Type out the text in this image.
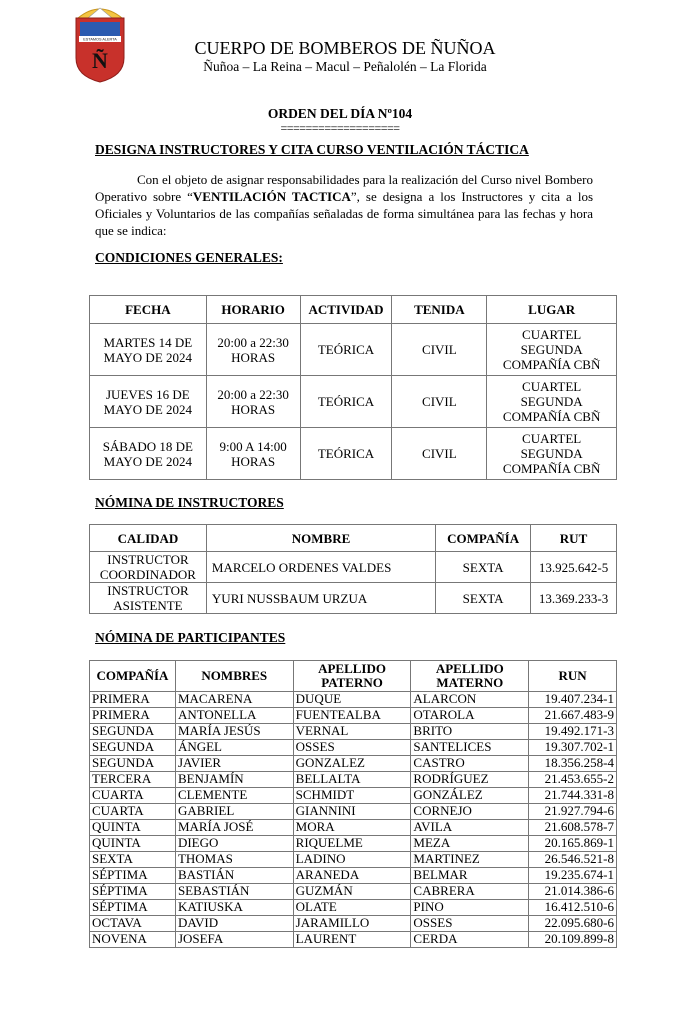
ESTAMOS ALERTA
Ñ	CUERPO DE BOMBEROS DE ÑUÑOA
Ñuñoa – La Reina – Macul – Peñalolén – La Florida
ORDEN DEL DÍA Nº104
===================
DESIGNA INSTRUCTORES Y CITA CURSO VENTILACIÓN TÁCTICA
Con el objeto de asignar responsabilidades para la realización del Curso nivel Bombero Operativo sobre “VENTILACIÓN TACTICA”, se designa a los Instructores y cita a los Oficiales y Voluntarios de las compañías señaladas de forma simultánea para las fechas y hora que se indica:
CONDICIONES GENERALES:
FECHA	HORARIO	ACTIVIDAD	TENIDA	LUGAR
MARTES 14 DE MAYO DE 2024	20:00 a 22:30 HORAS	TEÓRICA	CIVIL	CUARTEL SEGUNDA COMPAÑÍA CBÑ
JUEVES 16 DE MAYO DE 2024	20:00 a 22:30 HORAS	TEÓRICA	CIVIL	CUARTEL SEGUNDA COMPAÑÍA CBÑ
SÁBADO 18 DE MAYO DE 2024	9:00 A 14:00 HORAS	TEÓRICA	CIVIL	CUARTEL SEGUNDA COMPAÑÍA CBÑ
NÓMINA DE INSTRUCTORES
CALIDAD	NOMBRE	COMPAÑÍA	RUT
INSTRUCTOR COORDINADOR	MARCELO ORDENES VALDES	SEXTA	13.925.642-5
INSTRUCTOR ASISTENTE	YURI NUSSBAUM URZUA	SEXTA	13.369.233-3
NÓMINA DE PARTICIPANTES
COMPAÑÍA	NOMBRES	APELLIDO PATERNO	APELLIDO MATERNO	RUN
PRIMERA	MACARENA	DUQUE	ALARCON	19.407.234-1
PRIMERA	ANTONELLA	FUENTEALBA	OTAROLA	21.667.483-9
SEGUNDA	MARÍA JESÚS	VERNAL	BRITO	19.492.171-3
SEGUNDA	ÁNGEL	OSSES	SANTELICES	19.307.702-1
SEGUNDA	JAVIER	GONZALEZ	CASTRO	18.356.258-4
TERCERA	BENJAMÍN	BELLALTA	RODRÍGUEZ	21.453.655-2
CUARTA	CLEMENTE	SCHMIDT	GONZÁLEZ	21.744.331-8
CUARTA	GABRIEL	GIANNINI	CORNEJO	21.927.794-6
QUINTA	MARÍA JOSÉ	MORA	AVILA	21.608.578-7
QUINTA	DIEGO	RIQUELME	MEZA	20.165.869-1
SEXTA	THOMAS	LADINO	MARTINEZ	26.546.521-8
SÉPTIMA	BASTIÁN	ARANEDA	BELMAR	19.235.674-1
SÉPTIMA	SEBASTIÁN	GUZMÁN	CABRERA	21.014.386-6
SÉPTIMA	KATIUSKA	OLATE	PINO	16.412.510-6
OCTAVA	DAVID	JARAMILLO	OSSES	22.095.680-6
NOVENA	JOSEFA	LAURENT	CERDA	20.109.899-8
